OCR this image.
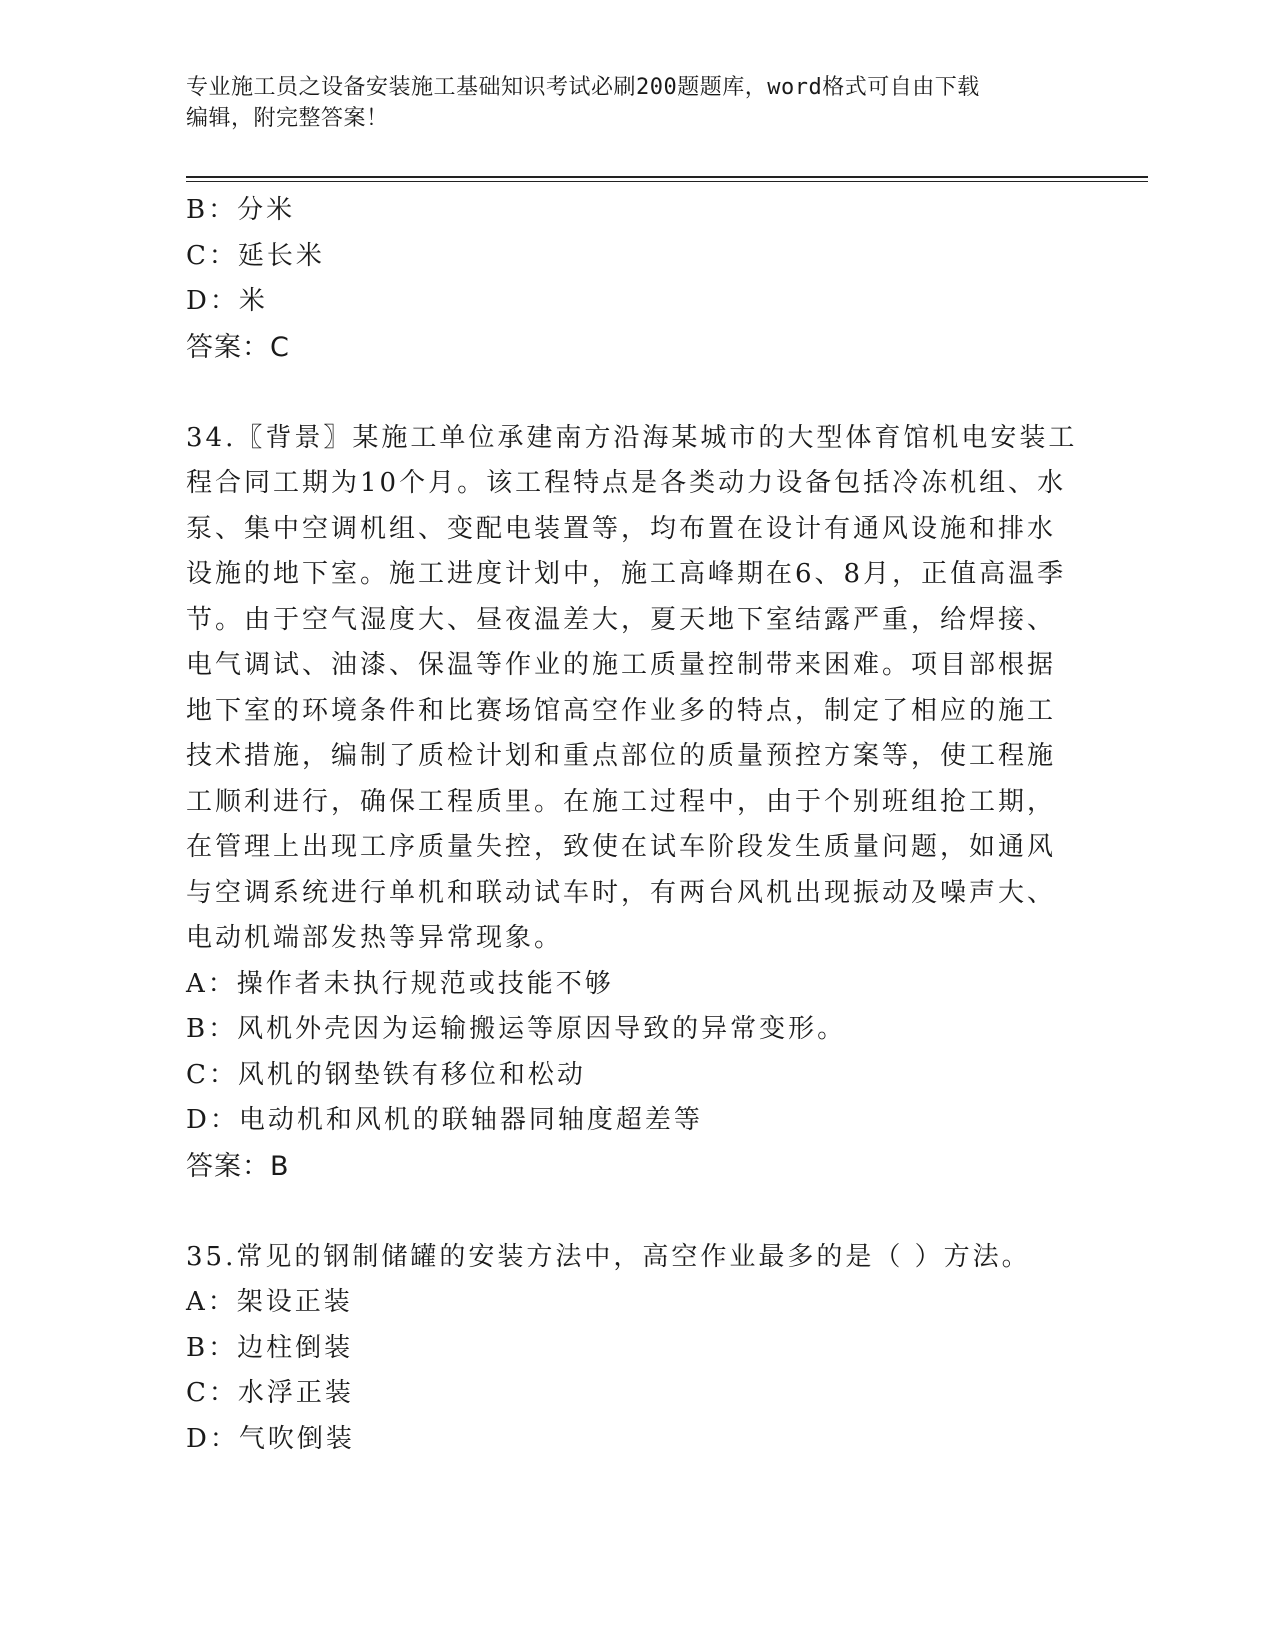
专业施工员之设备安装施工基础知识考试必刷200题题库，word格式可自由下载
编辑，附完整答案！
B：分米
C：延长米
D：米
答案：C
34.〖背景〗某施工单位承建南方沿海某城市的大型体育馆机电安装工
程合同工期为10个月。该工程特点是各类动力设备包括冷冻机组、水
泵、集中空调机组、变配电装置等，均布置在设计有通风设施和排水
设施的地下室。施工进度计划中，施工高峰期在6、8月，正值高温季
节。由于空气湿度大、昼夜温差大，夏天地下室结露严重，给焊接、
电气调试、油漆、保温等作业的施工质量控制带来困难。项目部根据
地下室的环境条件和比赛场馆高空作业多的特点，制定了相应的施工
技术措施，编制了质检计划和重点部位的质量预控方案等，使工程施
工顺利进行，确保工程质里。在施工过程中，由于个别班组抢工期，
在管理上出现工序质量失控，致使在试车阶段发生质量问题，如通风
与空调系统进行单机和联动试车时，有两台风机出现振动及噪声大、
电动机端部发热等异常现象。
A：操作者未执行规范或技能不够
B：风机外壳因为运输搬运等原因导致的异常变形。
C：风机的钢垫铁有移位和松动
D：电动机和风机的联轴器同轴度超差等
答案：B
35.常见的钢制储罐的安装方法中，高空作业最多的是（ ）方法。
A：架设正装
B：边柱倒装
C：水浮正装
D：气吹倒装
